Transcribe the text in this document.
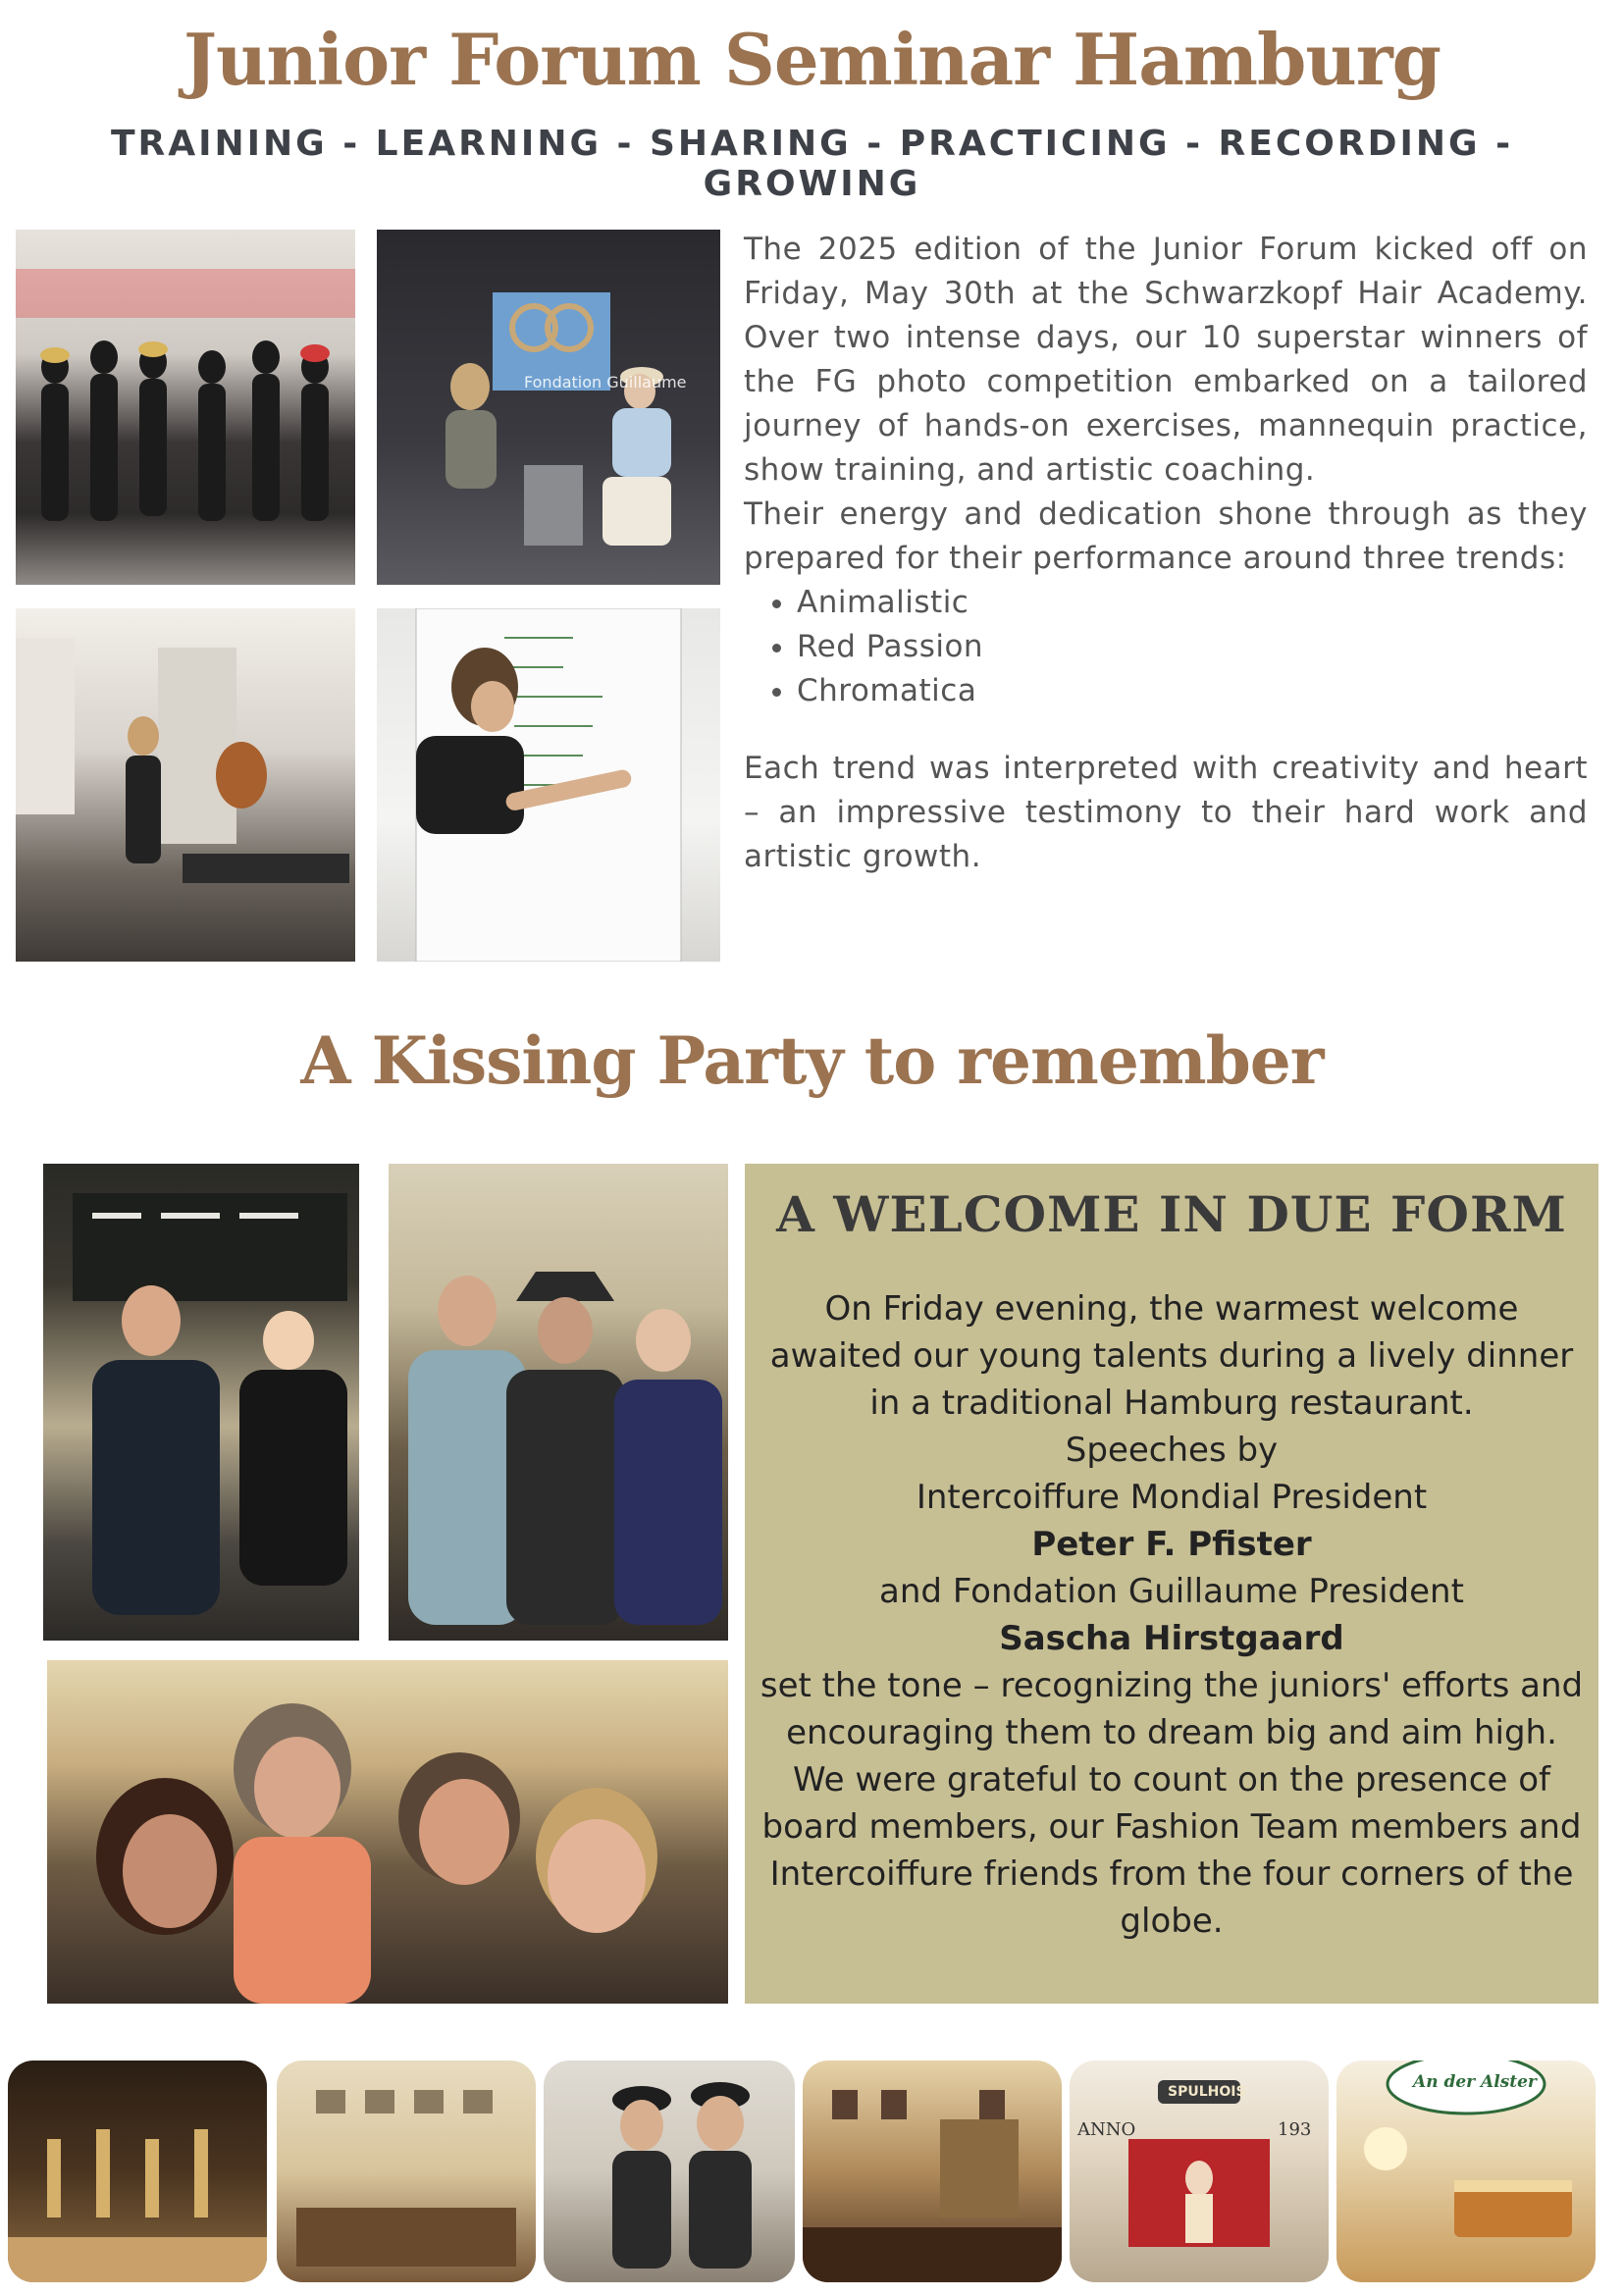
Junior Forum Seminar Hamburg
TRAINING - LEARNING - SHARING - PRACTICING - RECORDING - GROWING
Fondation Guillaume

The 2025 edition of the Junior Forum kicked off on Friday, May 30th at the Schwarzkopf Hair Academy. Over two intense days, our 10 superstar winners of the FG photo competition embarked on a tailored journey of hands-on exercises, mannequin practice, show training, and artistic coaching.

Their energy and dedication shone through as they prepared for their performance around three trends:

• Animalistic
• Red Passion
• Chromatica

Each trend was interpreted with creativity and heart – an impressive testimony to their hard work and artistic growth.

A Kissing Party to remember
A WELCOME IN DUE FORM
On Friday evening, the warmest welcome awaited our young talents during a lively dinner in a traditional Hamburg restaurant.
Speeches by
Intercoiffure Mondial President
Peter F. Pfister
and Fondation Guillaume President
Sascha Hirstgaard
set the tone – recognizing the juniors' efforts and encouraging them to dream big and aim high.
We were grateful to count on the presence of board members, our Fashion Team members and Intercoiffure friends from the four corners of the globe.
SPULHOIS
ANNO	193
An der Alster
